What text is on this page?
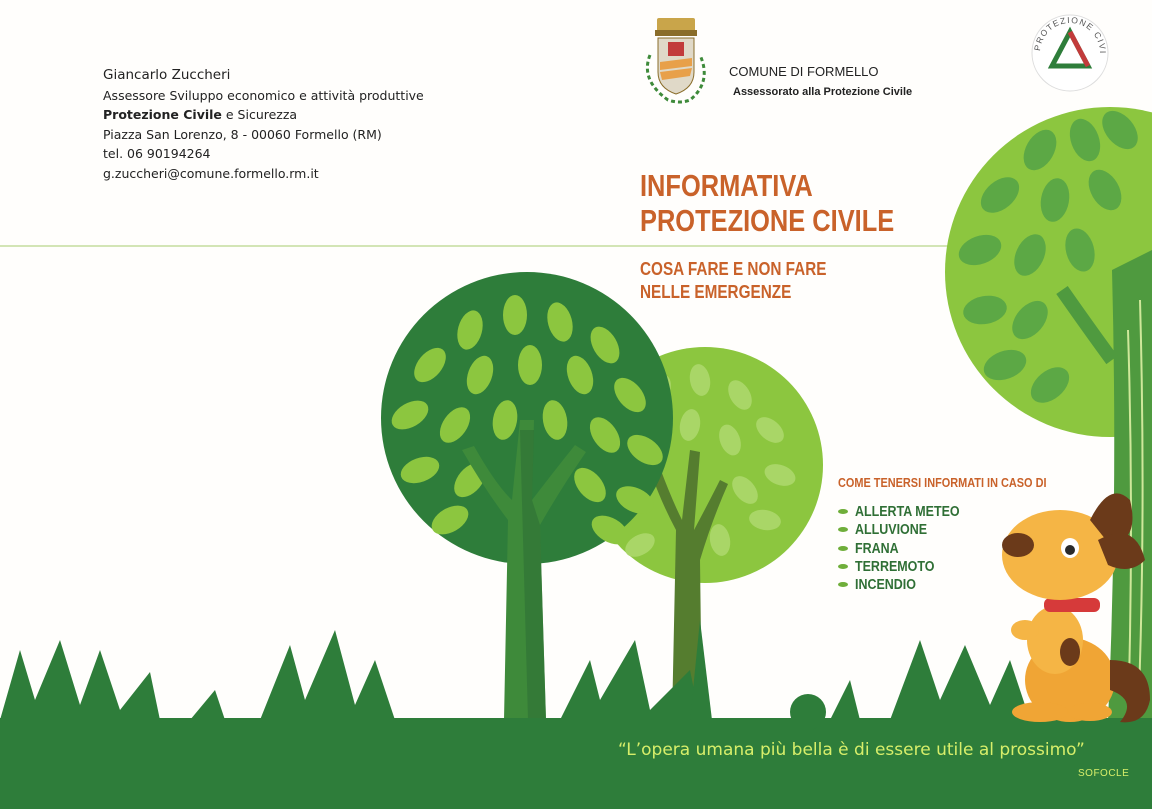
Giancarlo Zuccheri
Assessore Sviluppo economico e attività produttive
Protezione Civile e Sicurezza
Piazza San Lorenzo, 8 - 00060 Formello (RM)
tel. 06 90194264
g.zuccheri@comune.formello.rm.it
COMUNE DI FORMELLO
Assessorato alla Protezione Civile
PROTEZIONE CIVI
INFORMATIVA
PROTEZIONE CIVILE
COSA FARE E NON FARE
NELLE EMERGENZE
COME TENERSI INFORMATI IN CASO DI
ALLERTA METEO
ALLUVIONE
FRANA
TERREMOTO
INCENDIO
“L’opera umana più bella è di essere utile al prossimo”
SOFOCLE
